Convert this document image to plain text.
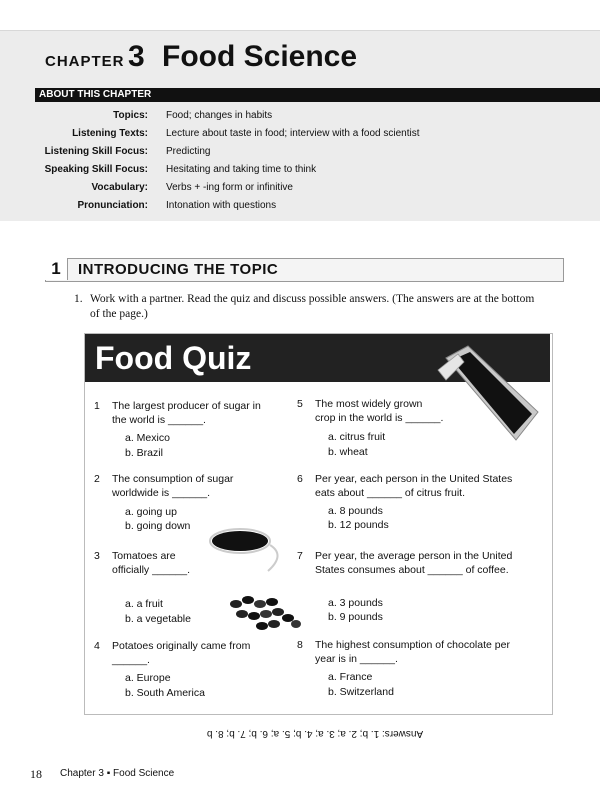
CHAPTER 3 Food Science
ABOUT THIS CHAPTER
Topics: Food; changes in habits
Listening Texts: Lecture about taste in food; interview with a food scientist
Listening Skill Focus: Predicting
Speaking Skill Focus: Hesitating and taking time to think
Vocabulary: Verbs + -ing form or infinitive
Pronunciation: Intonation with questions
1	INTRODUCING THE TOPIC
1. Work with a partner. Read the quiz and discuss possible answers. (The answers are at the bottom of the page.)
Food Quiz
1 The largest producer of sugar in the world is ______.
a. Mexico
b. Brazil
2 The consumption of sugar worldwide is ______.
a. going up
b. going down
3 Tomatoes are officially ______.
a. a fruit
b. a vegetable
4 Potatoes originally came from ______.
a. Europe
b. South America
5 The most widely grown crop in the world is ______.
a. citrus fruit
b. wheat
6 Per year, each person in the United States eats about ______ of citrus fruit.
a. 8 pounds
b. 12 pounds
7 Per year, the average person in the United States consumes about ______ of coffee.
a. 3 pounds
b. 9 pounds
8 The highest consumption of chocolate per year is in ______.
a. France
b. Switzerland
Answers: 1. b; 2. a; 3. a; 4. b; 5. a; 6. b; 7. b; 8. b
18 Chapter 3 ▪ Food Science
